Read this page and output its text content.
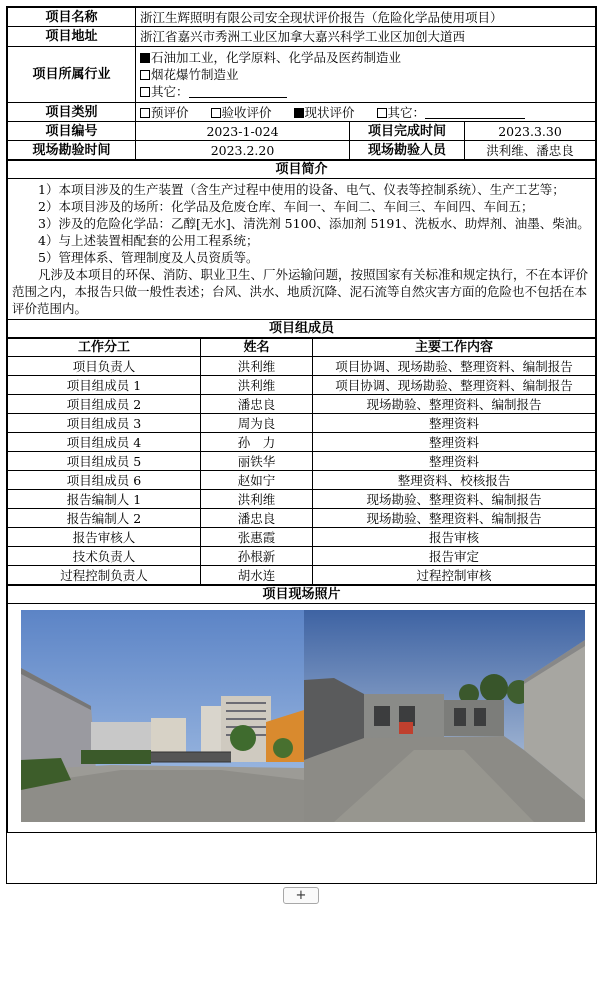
项目名称	浙江生辉照明有限公司安全现状评价报告（危险化学品使用项目）		
项目地址	浙江省嘉兴市秀洲工业区加拿大嘉兴科学工业区加创大道西		
项目所属行业	石油加工业，化学原料、化学品及医药制造业
烟花爆竹制造业
其它：		

项目类别	预评价 验收评价 现状评价 其它：		
项目编号	2023-1-024	项目完成时间	2023.3.30
现场勘验时间	2023.2.20	现场勘验人员	洪利维、潘忠良
项目简介

1）本项目涉及的生产装置（含生产过程中使用的设备、电气、仪表等控制系统）、生产工艺等；

2）本项目涉及的场所：化学品及危废仓库、车间一、车间二、车间三、车间四、车间五；

3）涉及的危险化学品：乙醇[无水]、清洗剂 5100、添加剂 5191、洗板水、助焊剂、油墨、柴油。

4）与上述装置相配套的公用工程系统；

5）管理体系、管理制度及人员资质等。

凡涉及本项目的环保、消防、职业卫生、厂外运输问题，按照国家有关标准和规定执行，不在本评价范围之内，本报告只做一般性表述；台风、洪水、地质沉降、泥石流等自然灾害方面的危险也不包括在本评价范围内。

项目组成员
工作分工	姓名	主要工作内容
项目负责人	洪利维	项目协调、现场勘验、整理资料、编制报告
项目组成员 1	洪利维	项目协调、现场勘验、整理资料、编制报告
项目组成员 2	潘忠良	现场勘验、整理资料、编制报告
项目组成员 3	周为良	整理资料
项目组成员 4	孙　力	整理资料
项目组成员 5	丽铁华	整理资料
项目组成员 6	赵如宁	整理资料、校核报告
报告编制人 1	洪利维	现场勘验、整理资料、编制报告
报告编制人 2	潘忠良	现场勘验、整理资料、编制报告
报告审核人	张惠霞	报告审核
技术负责人	孙根新	报告审定
过程控制负责人	胡水连	过程控制审核
项目现场照片

+
